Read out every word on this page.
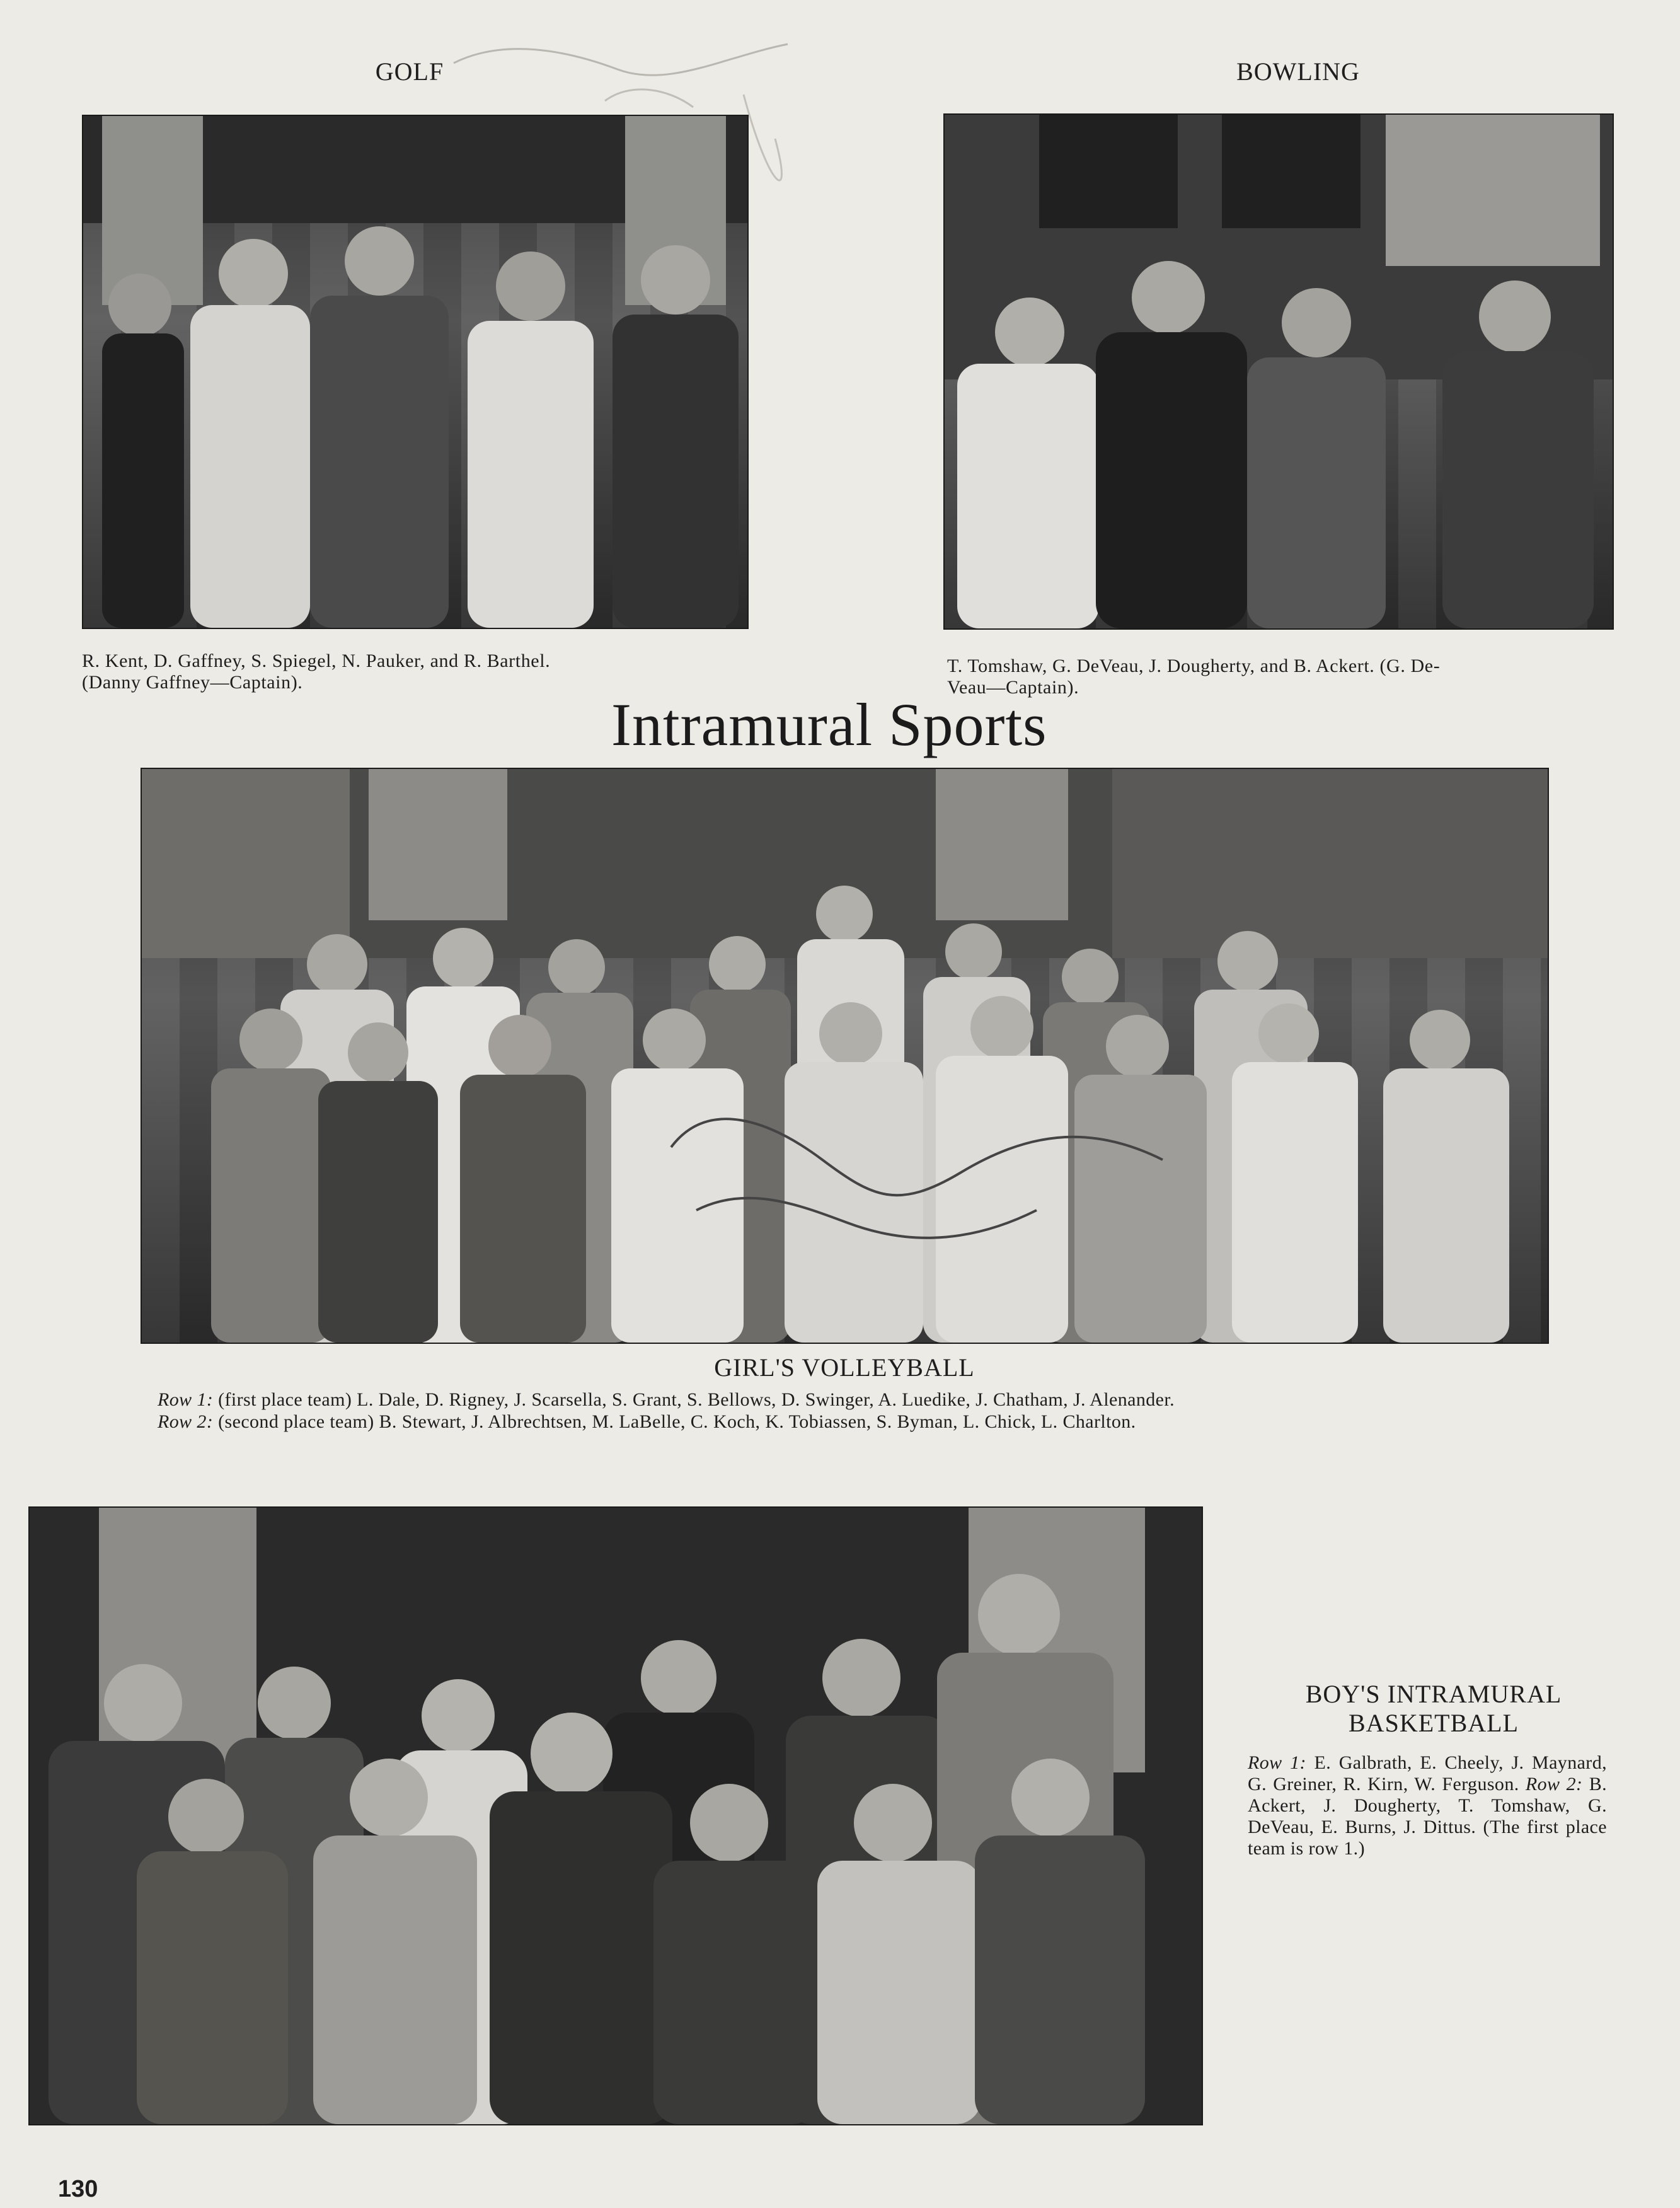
GOLF
R. Kent, D. Gaffney, S. Spiegel, N. Pauker, and R. Barthel.
(Danny Gaffney—Captain).
BOWLING
T. Tomshaw, G. DeVeau, J. Dougherty, and B. Ackert. (G. De-
Veau—Captain).
Intramural Sports
GIRL'S VOLLEYBALL
Row 1: (first place team) L. Dale, D. Rigney, J. Scarsella, S. Grant, S. Bellows, D. Swinger, A. Luedike, J. Chatham, J. Alenander.
Row 2: (second place team) B. Stewart, J. Albrechtsen, M. LaBelle, C. Koch, K. Tobiassen, S. Byman, L. Chick, L. Charlton.
BOY'S INTRAMURAL
BASKETBALL
Row 1: E. Galbrath, E. Cheely, J. Maynard, G. Greiner, R. Kirn, W. Ferguson. Row 2: B. Ackert, J. Dougherty, T. Tomshaw, G. DeVeau, E. Burns, J. Dittus. (The first place team is row 1.)
130
